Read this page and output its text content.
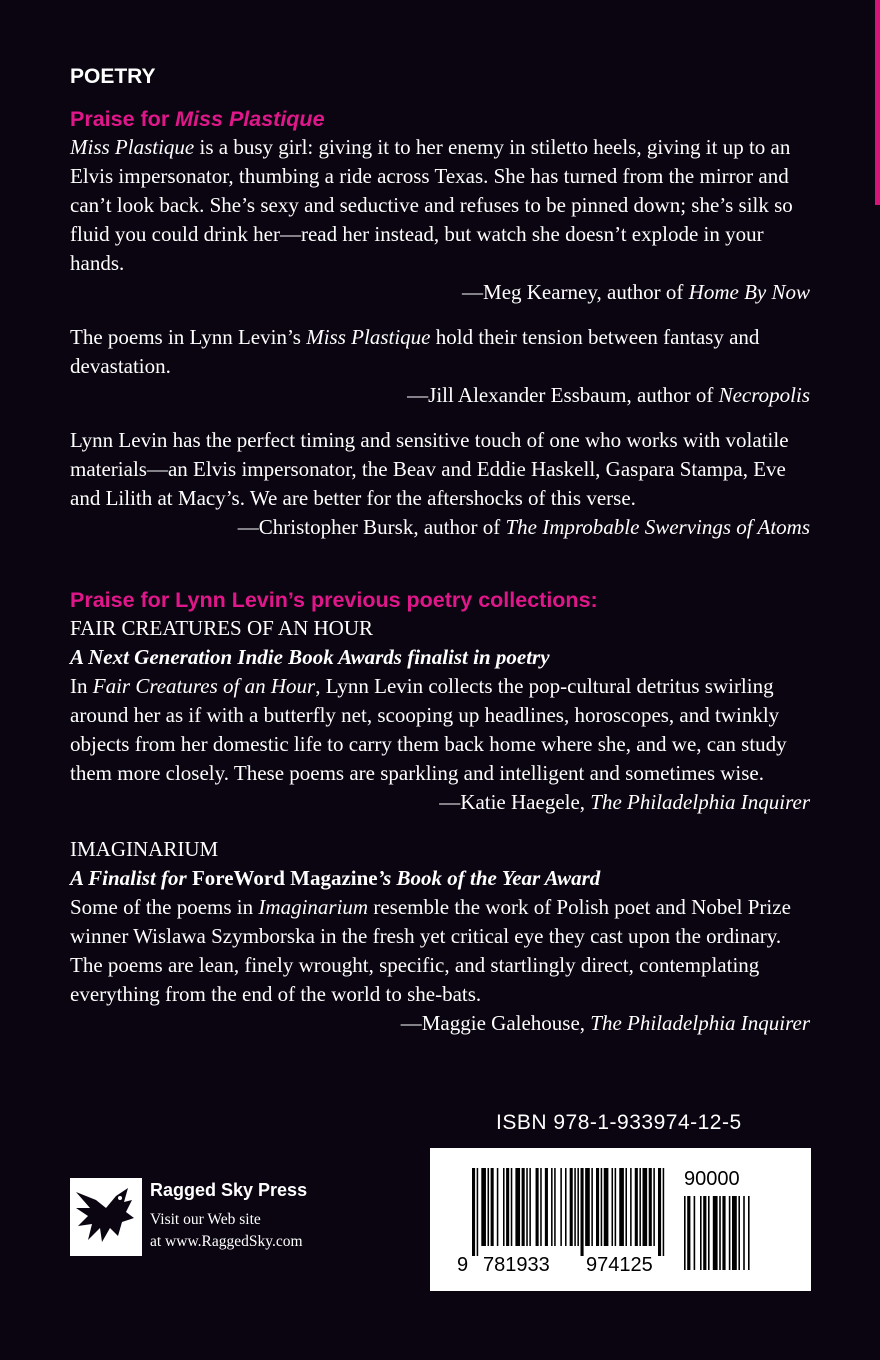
POETRY
Praise for Miss Plastique

Miss Plastique is a busy girl: giving it to her enemy in stiletto heels, giving it up to an Elvis impersonator, thumbing a ride across Texas. She has turned from the mirror and can’t look back. She’s sexy and seductive and refuses to be pinned down; she’s silk so fluid you could drink her—read her instead, but watch she doesn’t explode in your hands.

—Meg Kearney, author of Home By Now

The poems in Lynn Levin’s Miss Plastique hold their tension between fantasy and devastation.

—Jill Alexander Essbaum, author of Necropolis

Lynn Levin has the perfect timing and sensitive touch of one who works with volatile materials—an Elvis impersonator, the Beav and Eddie Haskell, Gaspara Stampa, Eve and Lilith at Macy’s. We are better for the aftershocks of this verse.

—Christopher Bursk, author of The Improbable Swervings of Atoms

Praise for Lynn Levin’s previous poetry collections:

FAIR CREATURES OF AN HOUR

A Next Generation Indie Book Awards finalist in poetry

In Fair Creatures of an Hour, Lynn Levin collects the pop-cultural detritus swirling around her as if with a butterfly net, scooping up headlines, horoscopes, and twinkly objects from her domestic life to carry them back home where she, and we, can study them more closely. These poems are sparkling and intelligent and sometimes wise.

—Katie Haegele, The Philadelphia Inquirer

IMAGINARIUM

A Finalist for ForeWord Magazine’s Book of the Year Award

Some of the poems in Imaginarium resemble the work of Polish poet and Nobel Prize winner Wislawa Szymborska in the fresh yet critical eye they cast upon the ordinary. The poems are lean, finely wrought, specific, and startlingly direct, contemplating everything from the end of the world to she-bats.

—Maggie Galehouse, The Philadelphia Inquirer

ISBN 978-1-933974-12-5
90000
9 781933 974125
Ragged Sky Press
Visit our Web site
at www.RaggedSky.com
